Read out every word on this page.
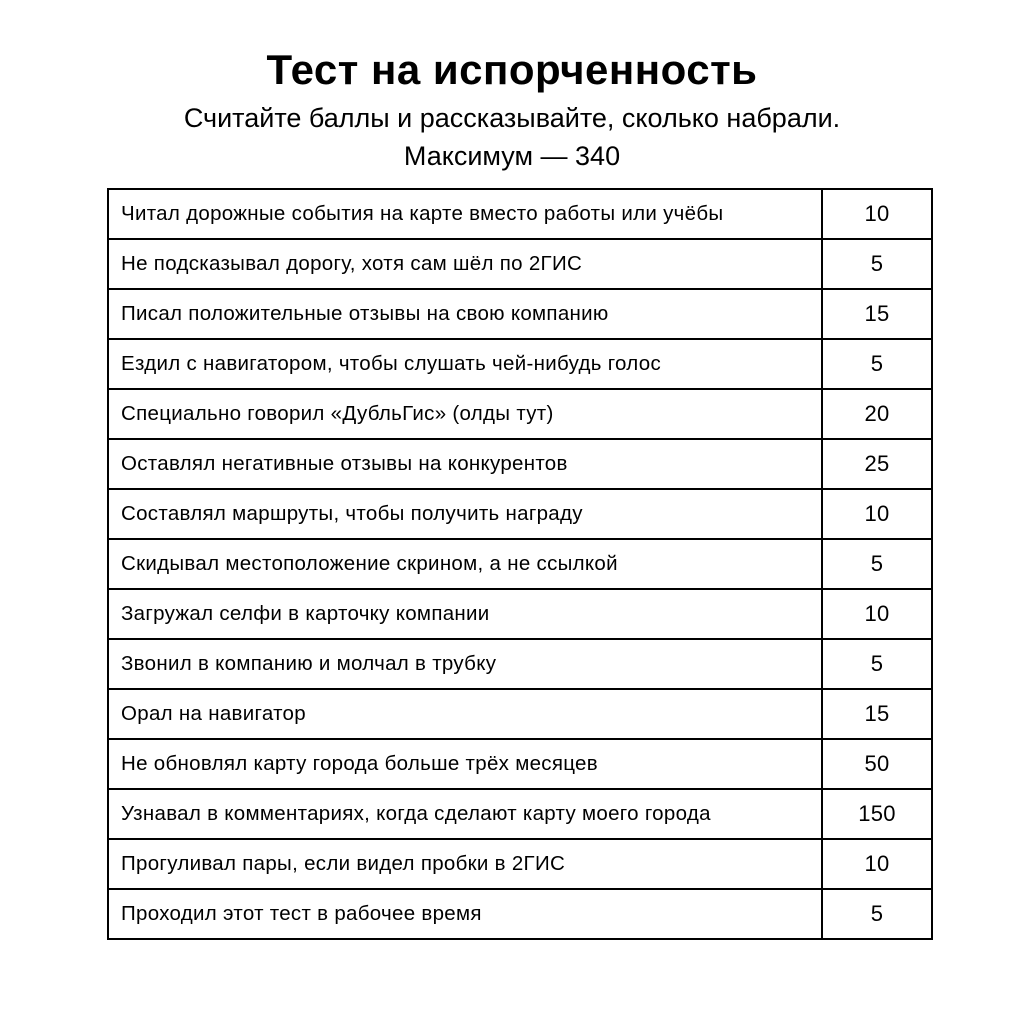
Тест на испорченность
Считайте баллы и рассказывайте, сколько набрали.
Максимум — 340
Читал дорожные события на карте вместо работы или учёбы	10
Не подсказывал дорогу, хотя сам шёл по 2ГИС	5
Писал положительные отзывы на свою компанию	15
Ездил с навигатором, чтобы слушать чей-нибудь голос	5
Специально говорил «ДубльГис» (олды тут)	20
Оставлял негативные отзывы на конкурентов	25
Составлял маршруты, чтобы получить награду	10
Скидывал местоположение скрином, а не ссылкой	5
Загружал селфи в карточку компании	10
Звонил в компанию и молчал в трубку	5
Орал на навигатор	15
Не обновлял карту города больше трёх месяцев	50
Узнавал в комментариях, когда сделают карту моего города	150
Прогуливал пары, если видел пробки в 2ГИС	10
Проходил этот тест в рабочее время	5
